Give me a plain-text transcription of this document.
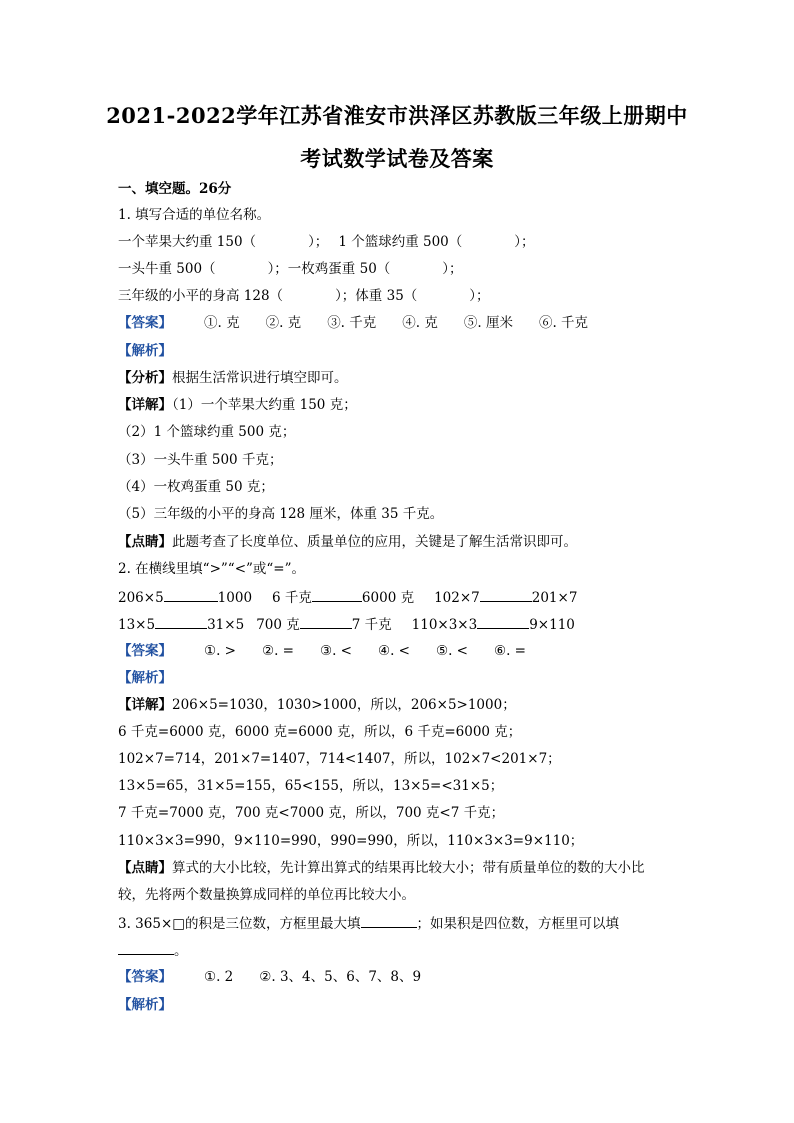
2021-2022学年江苏省淮安市洪泽区苏教版三年级上册期中
考试数学试卷及答案
一、填空题。26分
1. 填写合适的单位名称。
一个苹果大约重 150（	）； 1 个篮球约重 500（	）；
一头牛重 500（	）；一枚鸡蛋重 50（	）；
三年级的小平的身高 128（	）；体重 35（	）；
【答案】 ①. 克 ②. 克 ③. 千克 ④. 克 ⑤. 厘米 ⑥. 千克
【解析】
【分析】根据生活常识进行填空即可。
【详解】（1）一个苹果大约重 150 克；
（2）1 个篮球约重 500 克；
（3）一头牛重 500 千克；
（4）一枚鸡蛋重 50 克；
（5）三年级的小平的身高 128 厘米，体重 35 千克。
【点睛】此题考查了长度单位、质量单位的应用，关键是了解生活常识即可。
2. 在横线里填“>”“<”或“=”。
206×5	1000 6 千克	6000 克 102×7	201×7
13×5	31×5 700 克	7 千克 110×3×3	9×110
【答案】 ①. > ②. = ③. < ④. < ⑤. < ⑥. =
【解析】
【详解】206×5=1030，1030>1000，所以，206×5>1000；
6 千克=6000 克，6000 克=6000 克，所以，6 千克=6000 克；
102×7=714，201×7=1407，714<1407，所以，102×7<201×7；
13×5=65，31×5=155，65<155，所以，13×5=<31×5；
7 千克=7000 克，700 克<7000 克，所以，700 克<7 千克；
110×3×3=990，9×110=990，990=990，所以，110×3×3=9×110；
【点睛】算式的大小比较，先计算出算式的结果再比较大小；带有质量单位的数的大小比
较，先将两个数量换算成同样的单位再比较大小。
3. 365×□的积是三位数，方框里最大填	；如果积是四位数，方框里可以填
。
【答案】 ①. 2 ②. 3、4、5、6、7、8、9
【解析】
